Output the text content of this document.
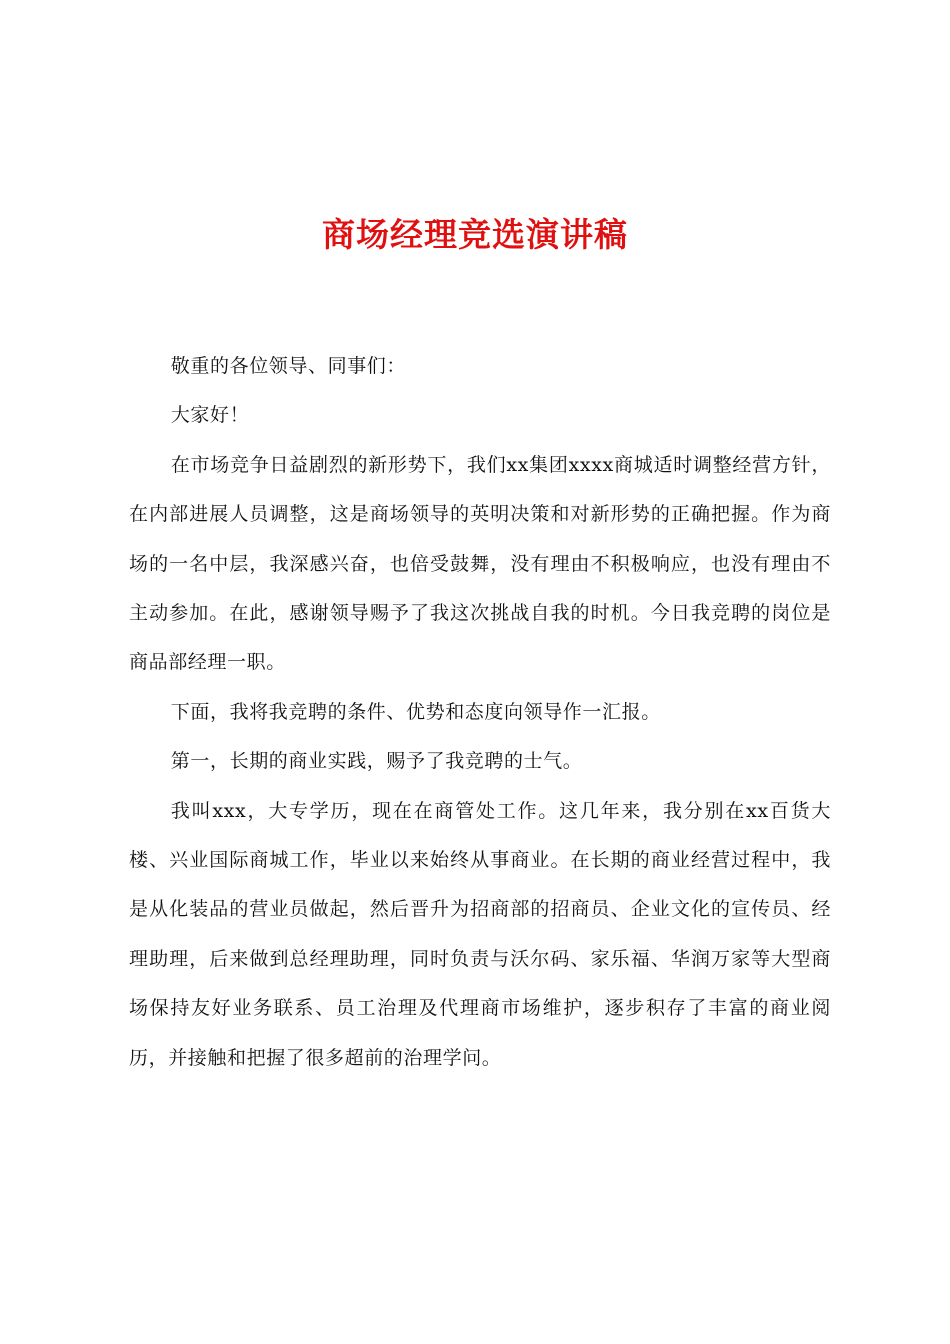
商场经理竞选演讲稿

敬重的各位领导、同事们：

大家好！

在市场竞争日益剧烈的新形势下，我们xx集团xxxx商城适时调整经营方针，在内部进展人员调整，这是商场领导的英明决策和对新形势的正确把握。作为商场的一名中层，我深感兴奋，也倍受鼓舞，没有理由不积极响应，也没有理由不主动参加。在此，感谢领导赐予了我这次挑战自我的时机。今日我竞聘的岗位是商品部经理一职。

下面，我将我竞聘的条件、优势和态度向领导作一汇报。

第一，长期的商业实践，赐予了我竞聘的士气。

我叫xxx，大专学历，现在在商管处工作。这几年来，我分别在xx百货大楼、兴业国际商城工作，毕业以来始终从事商业。在长期的商业经营过程中，我是从化装品的营业员做起，然后晋升为招商部的招商员、企业文化的宣传员、经理助理，后来做到总经理助理，同时负责与沃尔码、家乐福、华润万家等大型商场保持友好业务联系、员工治理及代理商市场维护，逐步积存了丰富的商业阅历，并接触和把握了很多超前的治理学问。
